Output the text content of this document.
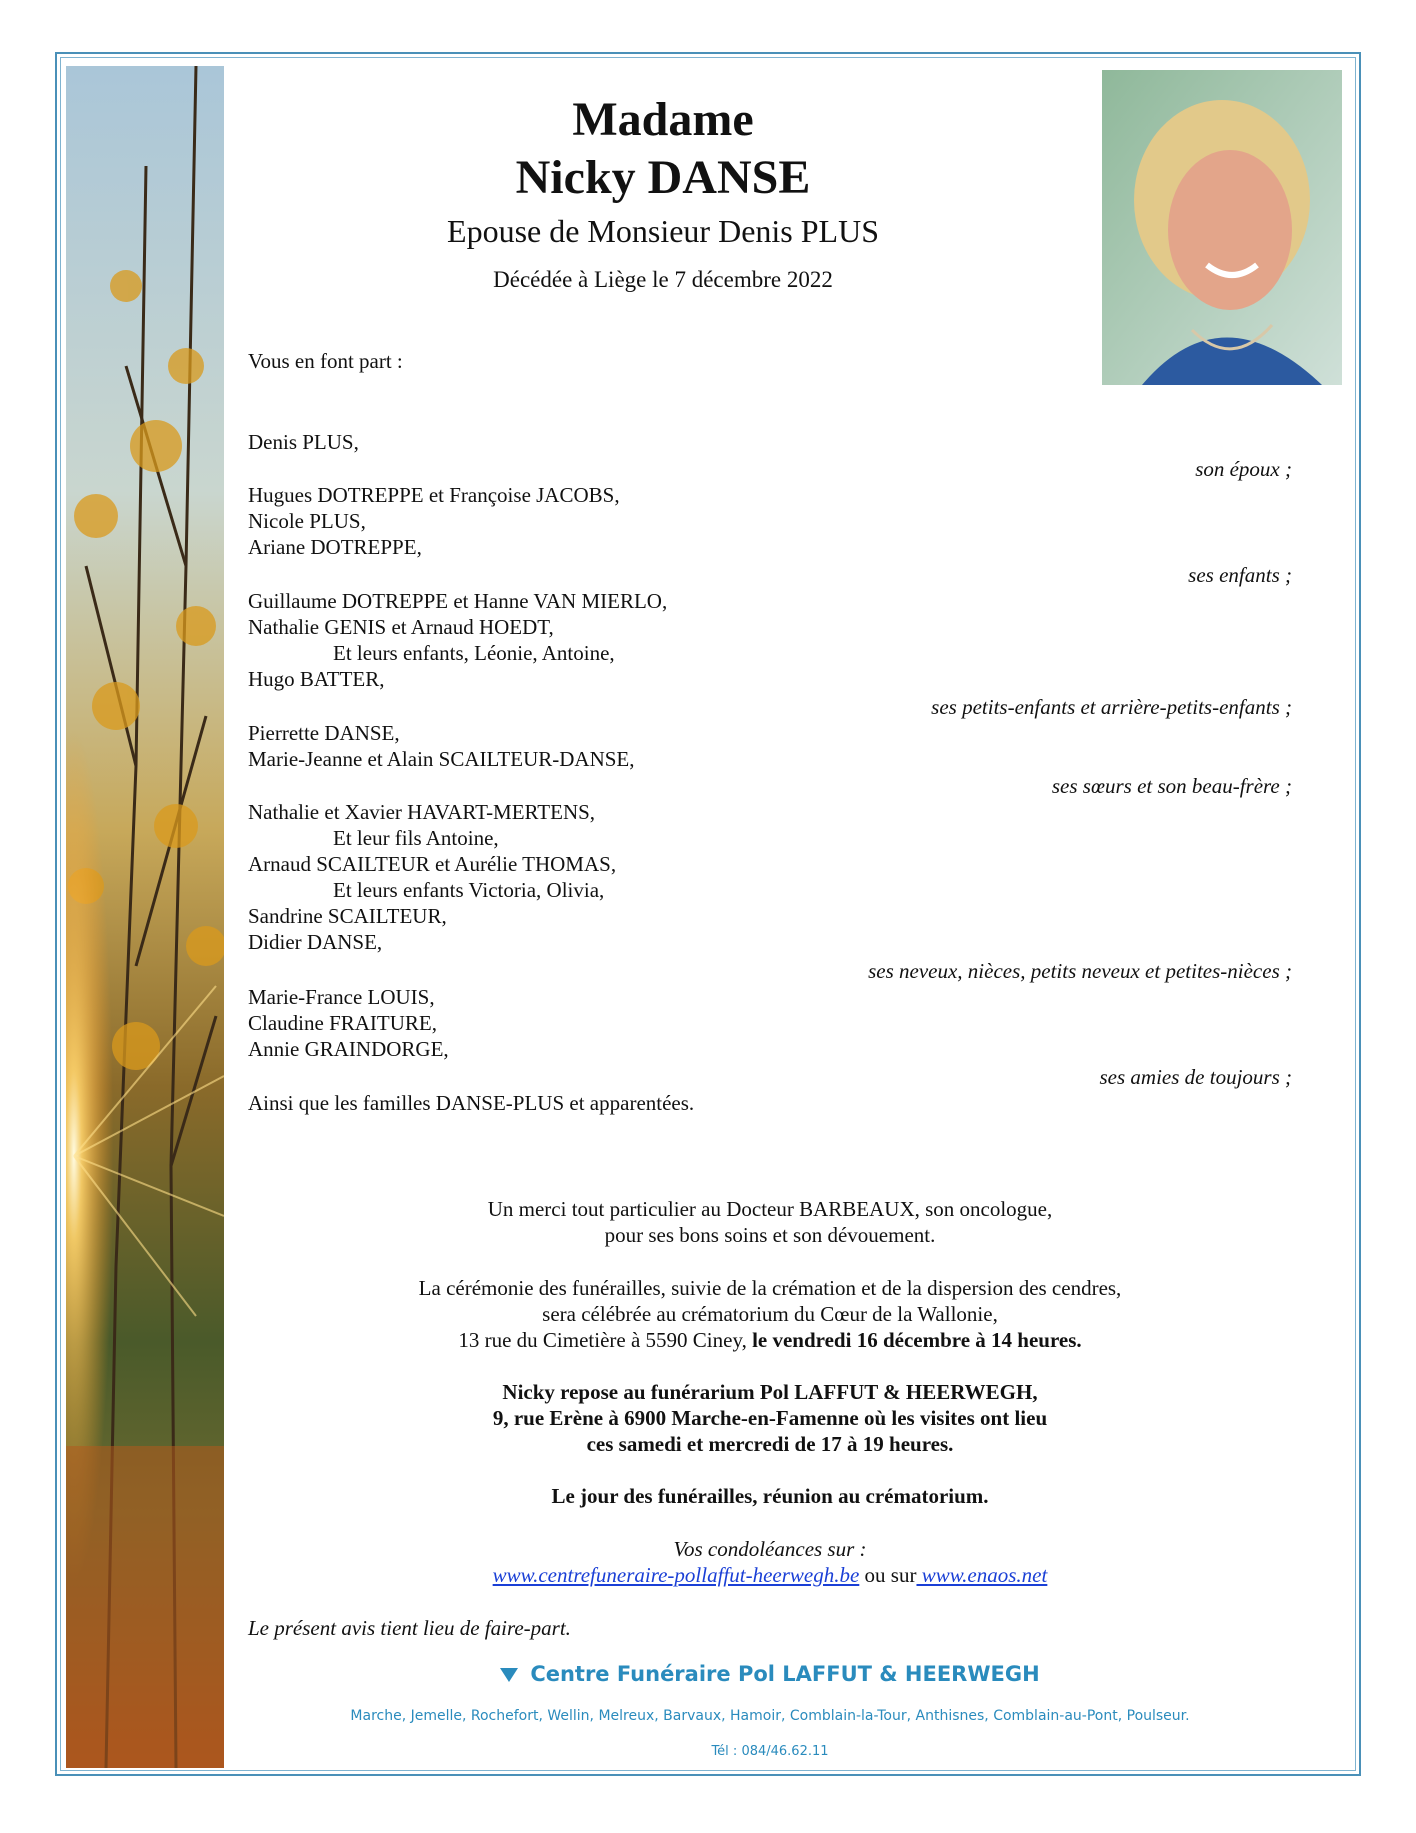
Madame
Nicky DANSE
Epouse de Monsieur Denis PLUS
Décédée à Liège le 7 décembre 2022
Vous en font part :
Denis PLUS,
son époux ;
Hugues DOTREPPE et Françoise JACOBS,
Nicole PLUS,
Ariane DOTREPPE,
ses enfants ;
Guillaume DOTREPPE et Hanne VAN MIERLO,
Nathalie GENIS et Arnaud HOEDT,
Et leurs enfants, Léonie, Antoine,
Hugo BATTER,
ses petits-enfants et arrière-petits-enfants ;
Pierrette DANSE,
Marie-Jeanne et Alain SCAILTEUR-DANSE,
ses sœurs et son beau-frère ;
Nathalie et Xavier HAVART-MERTENS,
Et leur fils Antoine,
Arnaud SCAILTEUR et Aurélie THOMAS,
Et leurs enfants Victoria, Olivia,
Sandrine SCAILTEUR,
Didier DANSE,
ses neveux, nièces, petits neveux et petites-nièces ;
Marie-France LOUIS,
Claudine FRAITURE,
Annie GRAINDORGE,
ses amies de toujours ;
Ainsi que les familles DANSE-PLUS et apparentées.
Un merci tout particulier au Docteur BARBEAUX, son oncologue,
pour ses bons soins et son dévouement.
La cérémonie des funérailles, suivie de la crémation et de la dispersion des cendres,
sera célébrée au crématorium du Cœur de la Wallonie,
13 rue du Cimetière à 5590 Ciney, le vendredi 16 décembre à 14 heures.
Nicky repose au funérarium Pol LAFFUT & HEERWEGH,
9, rue Erène à 6900 Marche-en-Famenne où les visites ont lieu
ces samedi et mercredi de 17 à 19 heures.
Le jour des funérailles, réunion au crématorium.
Vos condoléances sur :
www.centrefuneraire-pollaffut-heerwegh.be ou sur www.enaos.net
Le présent avis tient lieu de faire-part.
Centre Funéraire Pol LAFFUT & HEERWEGH
Marche, Jemelle, Rochefort, Wellin, Melreux, Barvaux, Hamoir, Comblain-la-Tour, Anthisnes, Comblain-au-Pont, Poulseur.
Tél : 084/46.62.11
